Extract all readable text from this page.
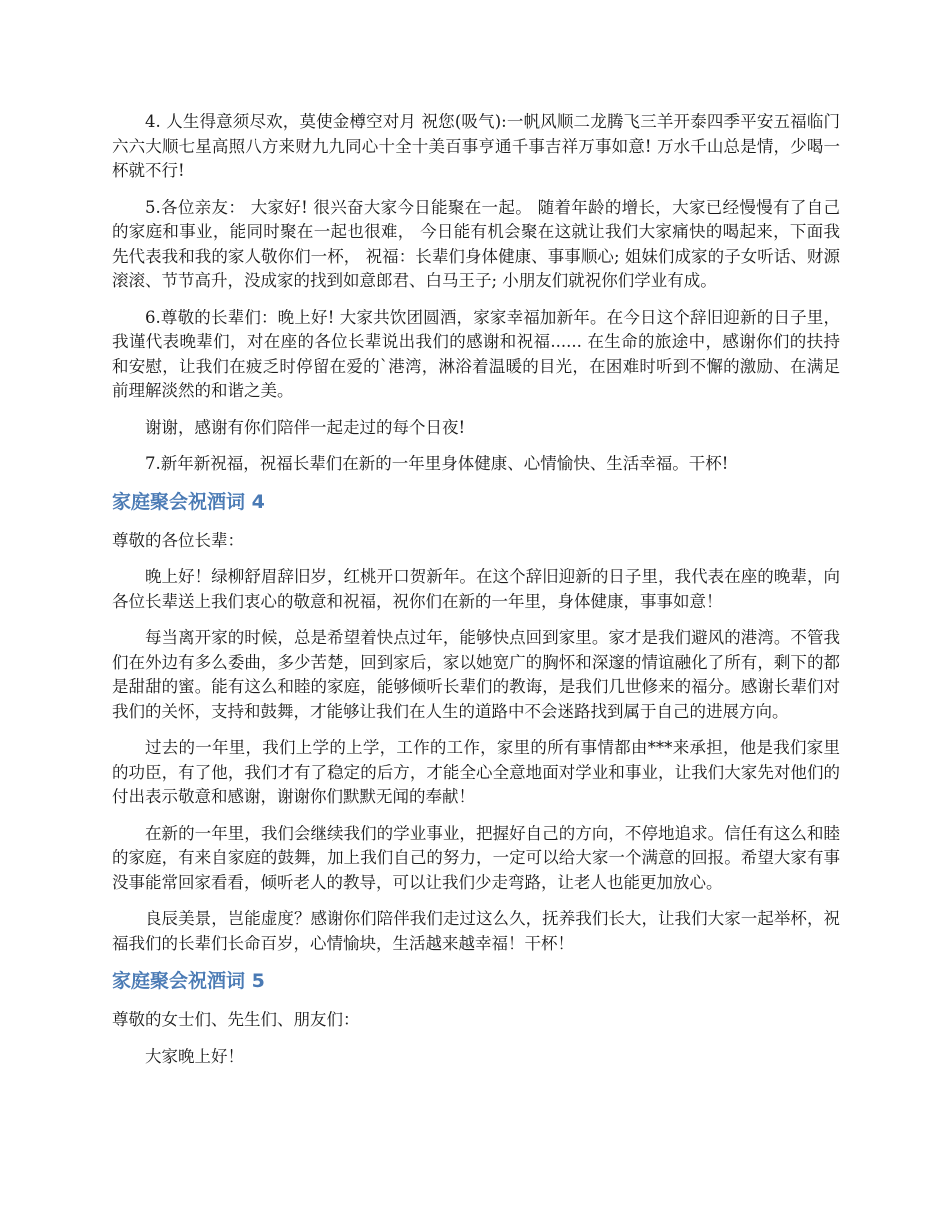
4. 人生得意须尽欢，莫使金樽空对月 祝您(吸气):一帆风顺二龙腾飞三羊开泰四季平安五福临门六六大顺七星高照八方来财九九同心十全十美百事亨通千事吉祥万事如意! 万水千山总是情，少喝一杯就不行!

5.各位亲友： 大家好! 很兴奋大家今日能聚在一起。 随着年龄的增长，大家已经慢慢有了自己的家庭和事业，能同时聚在一起也很难， 今日能有机会聚在这就让我们大家痛快的喝起来，下面我先代表我和我的家人敬你们一杯， 祝福：长辈们身体健康、事事顺心; 姐妹们成家的子女听话、财源滚滚、节节高升，没成家的找到如意郎君、白马王子; 小朋友们就祝你们学业有成。

6.尊敬的长辈们：晚上好! 大家共饮团圆酒，家家幸福加新年。在今日这个辞旧迎新的日子里，我谨代表晚辈们，对在座的各位长辈说出我们的感谢和祝福...... 在生命的旅途中，感谢你们的扶持和安慰，让我们在疲乏时停留在爱的`港湾，淋浴着温暖的目光，在困难时听到不懈的激励、在满足前理解淡然的和谐之美。

谢谢，感谢有你们陪伴一起走过的每个日夜!

7.新年新祝福，祝福长辈们在新的一年里身体健康、心情愉快、生活幸福。干杯!

家庭聚会祝酒词 4

尊敬的各位长辈：

晚上好！绿柳舒眉辞旧岁，红桃开口贺新年。在这个辞旧迎新的日子里，我代表在座的晚辈，向各位长辈送上我们衷心的敬意和祝福，祝你们在新的一年里，身体健康，事事如意！

每当离开家的时候，总是希望着快点过年，能够快点回到家里。家才是我们避风的港湾。不管我们在外边有多么委曲，多少苦楚，回到家后，家以她宽广的胸怀和深邃的情谊融化了所有，剩下的都是甜甜的蜜。能有这么和睦的家庭，能够倾听长辈们的教诲，是我们几世修来的福分。感谢长辈们对我们的关怀，支持和鼓舞，才能够让我们在人生的道路中不会迷路找到属于自己的进展方向。

过去的一年里，我们上学的上学，工作的工作，家里的所有事情都由***来承担，他是我们家里的功臣，有了他，我们才有了稳定的后方，才能全心全意地面对学业和事业，让我们大家先对他们的付出表示敬意和感谢，谢谢你们默默无闻的奉献！

在新的一年里，我们会继续我们的学业事业，把握好自己的方向，不停地追求。信任有这么和睦的家庭，有来自家庭的鼓舞，加上我们自己的努力，一定可以给大家一个满意的回报。希望大家有事没事能常回家看看，倾听老人的教导，可以让我们少走弯路，让老人也能更加放心。

良辰美景，岂能虚度？感谢你们陪伴我们走过这么久，抚养我们长大，让我们大家一起举杯，祝福我们的长辈们长命百岁，心情愉块，生活越来越幸福！干杯！

家庭聚会祝酒词 5

尊敬的女士们、先生们、朋友们：

大家晚上好！
